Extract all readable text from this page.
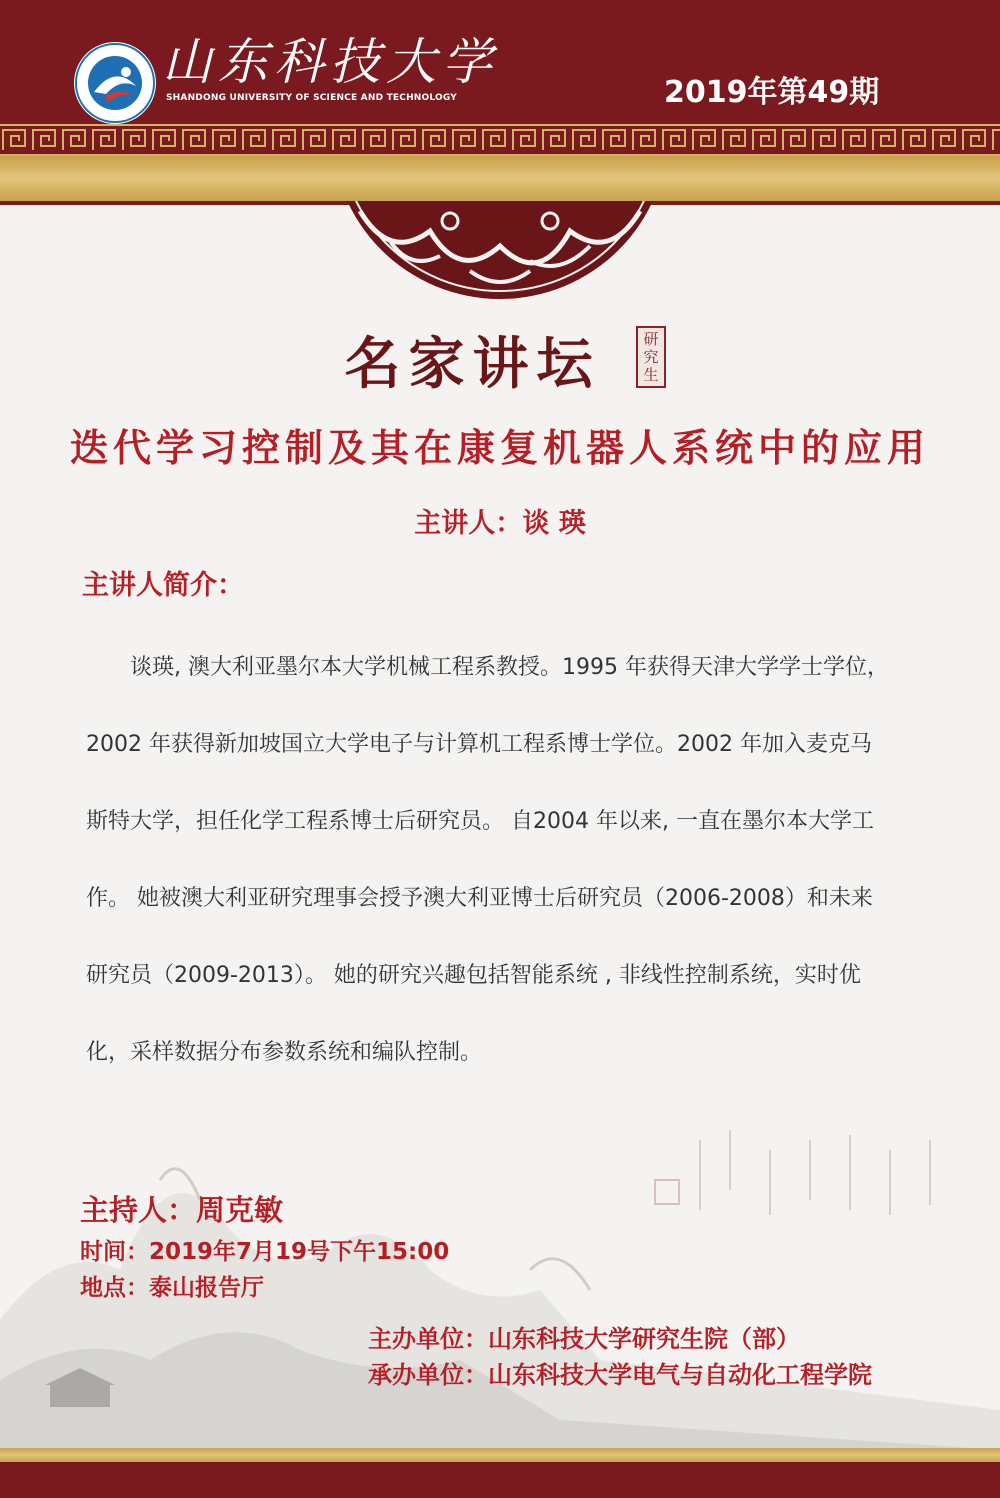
山东科技大学
SHANDONG UNIVERSITY OF SCIENCE AND TECHNOLOGY	2019年第49期
名家讲坛	研究生
迭代学习控制及其在康复机器人系统中的应用
主讲人：谈 瑛
主讲人简介：
谈瑛, 澳大利亚墨尔本大学机械工程系教授。1995 年获得天津大学学士学位，
2002 年获得新加坡国立大学电子与计算机工程系博士学位。2002 年加入麦克马
斯特大学，担任化学工程系博士后研究员。 自2004 年以来, 一直在墨尔本大学工
作。 她被澳大利亚研究理事会授予澳大利亚博士后研究员（2006-2008）和未来
研究员（2009-2013）。 她的研究兴趣包括智能系统 , 非线性控制系统，实时优
化，采样数据分布参数系统和编队控制。
主持人：周克敏
时间：2019年7月19号下午15:00
地点：泰山报告厅
主办单位：山东科技大学研究生院（部）
承办单位：山东科技大学电气与自动化工程学院
